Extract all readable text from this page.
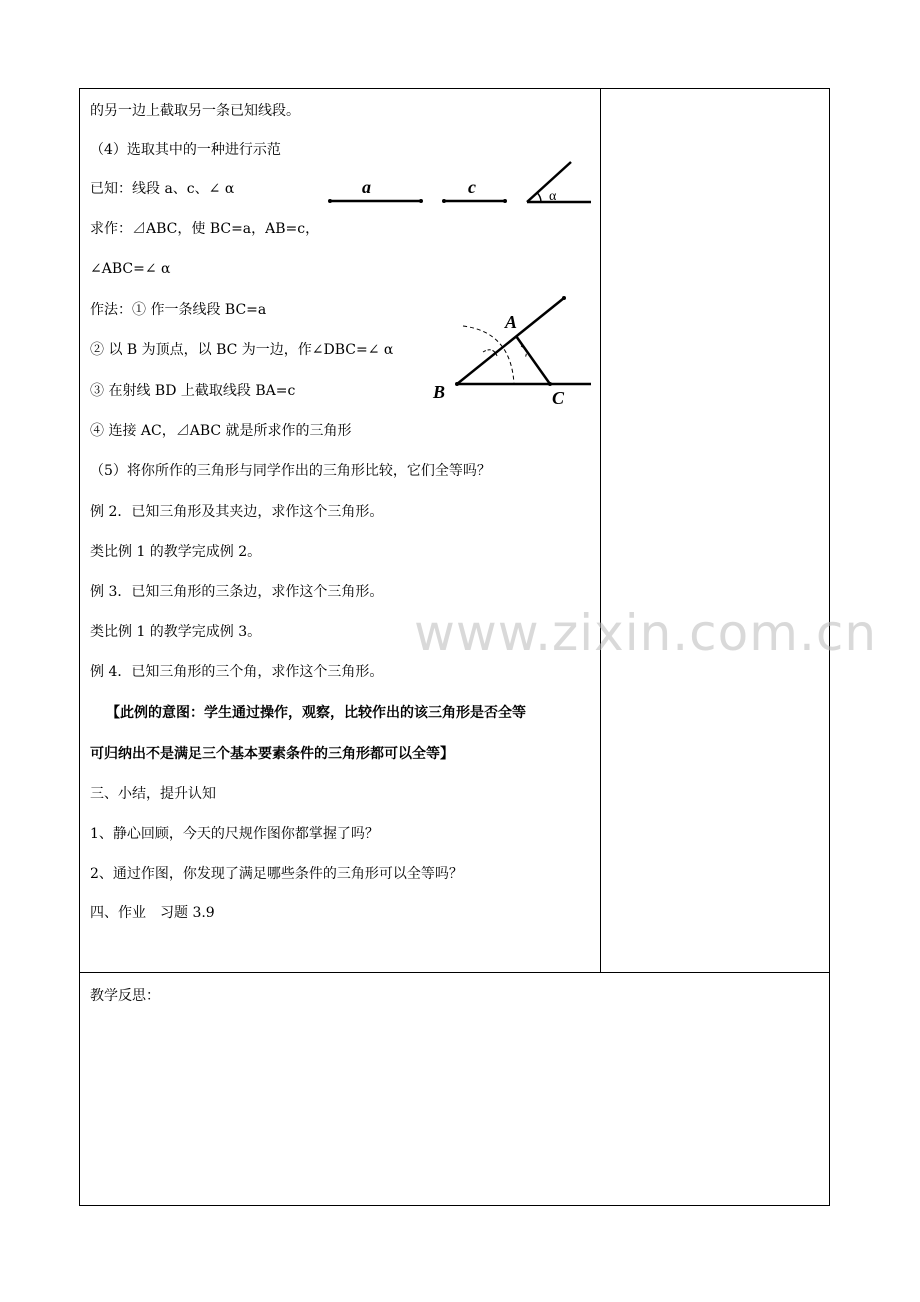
的另一边上截取另一条已知线段。
（4）选取其中的一种进行示范
已知：线段 a、c、∠ α
求作：⊿ABC，使 BC=a，AB=c，
∠ABC=∠ α
作法：① 作一条线段 BC=a
② 以 B 为顶点，以 BC 为一边，作∠DBC=∠ α
③ 在射线 BD 上截取线段 BA=c
④ 连接 AC，⊿ABC 就是所求作的三角形
（5）将你所作的三角形与同学作出的三角形比较，它们全等吗？
例 2．已知三角形及其夹边，求作这个三角形。
类比例 1 的教学完成例 2。
例 3．已知三角形的三条边，求作这个三角形。
类比例 1 的教学完成例 3。
例 4．已知三角形的三个角，求作这个三角形。
【此例的意图：学生通过操作，观察，比较作出的该三角形是否全等
可归纳出不是满足三个基本要素条件的三角形都可以全等】
三、小结，提升认知
1、静心回顾，今天的尺规作图你都掌握了吗？
2、通过作图，你发现了满足哪些条件的三角形可以全等吗？
四、作业　习题 3.9
教学反思：
a	c	α
A
B	C
www.zixin.com.cn
